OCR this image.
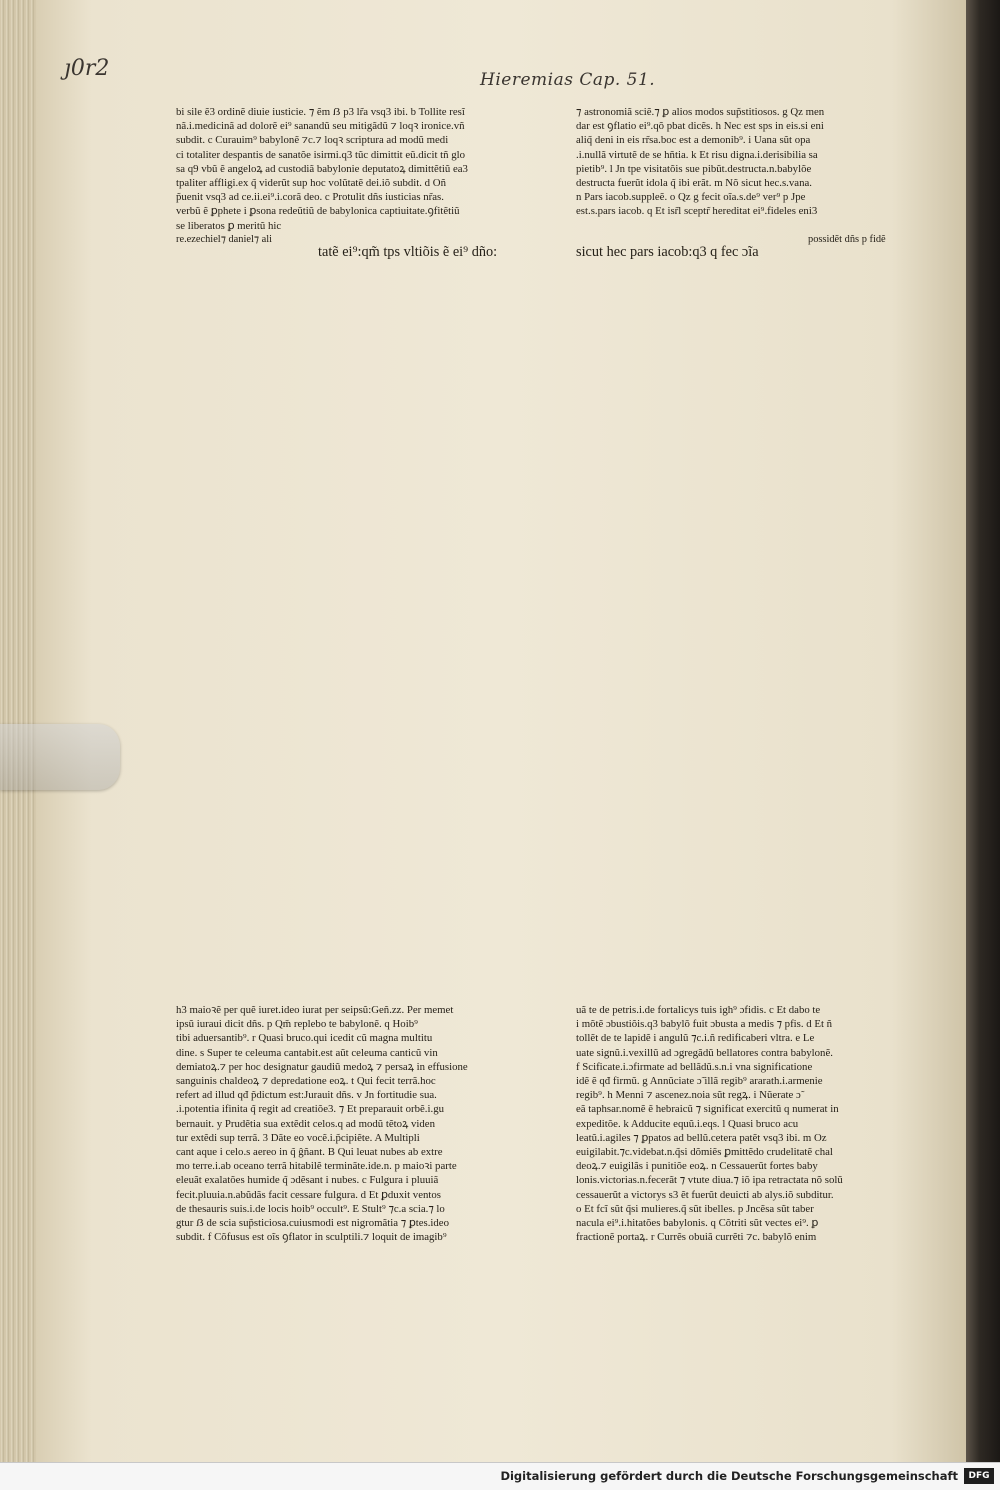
ȷ0r2	Hieremias Cap. 51.
bi sile ẽ3 ordinẽ diuie iusticie. ⁊ ẽm ẞ p3 lr̃a vsq3 ibi. b Tollite resĩ
nã.i.medicinã ad dolorẽ ei⁹ sanandũ seu mitigãdũ ⁊ loqꝛ ironice.vñ
subdit. c Curauim⁹ babylonẽ ⁊c.⁊ loqꝛ scriptura ad modũ medi
ci totaliter despantis de sanatõe isirmi.q3 tũc dimittit eũ.dicit tñ glo
sa q9 vbũ ẽ angeloꝝ ad custodiã babylonie deputatoꝝ dimittẽtiũ ea3
tpaliter affligi.ex q̃ viderũt sup hoc volũtatẽ dei.iõ subdit. d Oñ
p̃uenit vsq3 ad ce.ii.ei⁹.i.corã deo. c Protulit dñs iusticias nr̃as.
verbũ ẽ ꝑphete i ꝑsona redeũtiũ de babylonica captiuitate.ꝯfitẽtiũ
se liberatos ꝑ meritũ hic
re.ezechiel⁊ daniel⁊ ali
tatẽ ei⁹:qm̃ tps vltiõis ẽ ei⁹ dño:
h3 maioꝛẽ per quẽ iuret.ideo iurat per seipsũ:Geñ.zz. Per memet
ipsũ iuraui dicit dñs. p Qm̃ replebo te babylonẽ. q Hoib⁹
tibi aduersantib⁹. r Quasi bruco.qui icedit cũ magna multitu
dine. s Super te celeuma cantabit.est aũt celeuma canticũ vin
demiatoꝝ.⁊ per hoc designatur gaudiũ medoꝝ ⁊ persaꝝ in effusione
sanguinis chaldeoꝝ ⁊ depredatione eoꝝ. t Qui fecit terrã.hoc
refert ad illud qđ p̃dictum est:Jurauit dñs. v Jn fortitudie sua.
.i.potentia ifinita q̃ regit ad creatiõe3. ⁊ Et preparauit orbẽ.i.gu
bernauit. y Prudẽtia sua extẽdit celos.q ad modũ tẽtoꝝ viden
tur extẽdi sup terrã. 3 Dãte eo vocẽ.i.p̃cipiẽte. A Multipli
cant aque i celo.s aereo in q̃ ĝñant. B Qui leuat nubes ab extre
mo terre.i.ab oceano terrã hitabilẽ terminãte.ide.n. p maioꝛi parte
eleuãt exalatões humide q̃ ɔdẽsant i nubes. c Fulgura i pluuiã
fecit.pluuia.n.abũdãs facit cessare fulgura. d Et ꝑduxit ventos
de thesauris suis.i.de locis hoib⁹ occult⁹. E Stult⁹ ⁊c.a scia.⁊ lo
gtur ẞ de scia sup̃sticiosa.cuiusmodi est nigromãtia ⁊ ꝑtes.ideo
subdit. f Cõfusus est oĩs ꝯflator in sculptili.⁊ loquit de imagib⁹
⁊ astronomiã sciẽ.⁊ ꝑ alios modos sup̃stitiosos. g Qz men
dar est ꝯflatio ei⁹.qõ pbat dicẽs. h Nec est sps in eis.si eni
aliq̃ deni in eis rr̃sa.boc est a demonib⁹. i Uana sũt opa
.i.nullã virtutẽ de se hñtia. k Et risu digna.i.derisibilia sa
pietib⁹. l Jn tpe visitatõis sue pibũt.destructa.n.babylõe
destructa fuerũt idola q̃ ibi erãt. m Nõ sicut hec.s.vana.
n Pars iacob.suppleẽ. o Qz g fecit oĩa.s.de⁹ ver⁹ p Jpe
est.s.pars iacob. q Et isr̃l sceptr̃ hereditat ei⁹.fideles eni3
sicut hec pars iacob:q3 q fec ɔĩa
possidẽt dñs p fidẽ
uã te de petris.i.de fortalicys tuis igh⁹ ɔfidis. c Et dabo te
i mõtẽ ɔbustiõis.q3 babylõ fuit ɔbusta a medis ⁊ pfis. d Et ñ
tollẽt de te lapidẽ i angulũ ⁊c.i.ñ redificaberi vltra. e Le
uate signũ.i.vexillũ ad ɔgregãdũ bellatores contra babylonẽ.
f Scificate.i.ɔfirmate ad bellãdũ.s.n.i vna significatione
idẽ ẽ qđ firmũ. g Annũciate ɔ̃ illã regib⁹ ararath.i.armenie
regib⁹. h Menni ⁊ ascenez.noia sũt regꝝ. i Nũerate ɔ̃
eã taphsar.nomẽ ẽ hebraicũ ⁊ significat exercitũ q numerat in
expeditõe. k Adducite equũ.i.eqs. l Quasi bruco acu
leatũ.i.agiles ⁊ ꝑpatos ad bellũ.cetera patẽt vsq3 ibi. m Oz
euigilabit.⁊c.videbat.n.q̃si dõmiẽs ꝑmittẽdo crudelitatẽ chal
deoꝝ.⁊ euigilãs i punitiõe eoꝝ. n Cessauerũt fortes baby
lonis.victorias.n.fecerãt ⁊ vtute diua.⁊ iõ ipa retractata nõ solũ
cessauerũt a victorys s3 ẽt fuerũt deuicti ab alys.iõ subditur.
o Et fcĩ sũt q̃si mulieres.q̃ sũt ibelles. p Jncẽsa sũt taber
nacula ei⁹.i.hitatões babylonis. q Cõtriti sũt vectes ei⁹. ꝑ
fractionẽ portaꝝ. r Currẽs obuiã currẽti ⁊c. babylõ enim
Digitalisierung gefördert durch die Deutsche Forschungsgemeinschaft	DFG
